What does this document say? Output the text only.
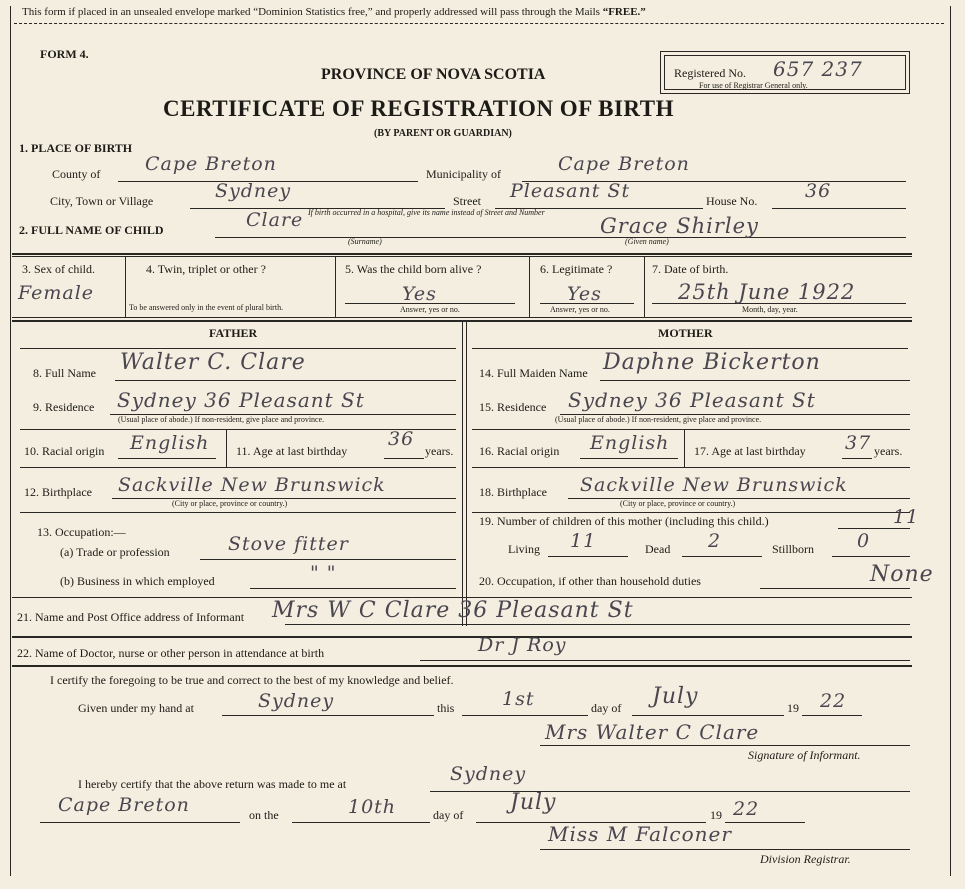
This form if placed in an unsealed envelope marked “Dominion Statistics free,” and properly addressed will pass through the Mails “FREE.”
FORM 4.
PROVINCE OF NOVA SCOTIA	Registered No. 657 237
For use of Registrar General only.
CERTIFICATE OF REGISTRATION OF BIRTH
(BY PARENT OR GUARDIAN)
1. PLACE OF BIRTH
County of Cape Breton	Municipality of	Cape Breton
City, Town or Village	Sydney	Street Pleasant St	House No.	36
If birth occurred in a hospital, give its name instead of Street and Number
2. FULL NAME OF CHILD	Clare
(Surname)
Grace Shirley
(Given name)
3. Sex of child.
Female
4. Twin, triplet or other ?
To be answered only in the event of plural birth.
5. Was the child born alive ?
Yes
Answer, yes or no.
6. Legitimate ?
Yes
Answer, yes or no.
7. Date of birth.
25th June 1922
Month, day, year.
FATHER	MOTHER
8. Full Name Walter C. Clare
9. Residence Sydney 36 Pleasant St
(Usual place of abode.) If non-resident, give place and province.
10. Racial origin English 11. Age at last birthday
36
years.
12. Birthplace Sackville New Brunswick
(City or place, province or country.)
13. Occupation:—
(a) Trade or profession	Stove fitter
(b) Business in which employed	" "
14. Full Maiden Name Daphne Bickerton
15. Residence Sydney 36 Pleasant St
(Usual place of abode.) If non-resident, give place and province.
16. Racial origin English 17. Age at last birthday 37 years.
18. Birthplace Sackville New Brunswick
(City or place, province or country.)
19. Number of children of this mother (including this child.)	11
Living 11	Dead 2	Stillborn 0
20. Occupation, if other than household duties	None
21. Name and Post Office address of Informant Mrs W C Clare 36 Pleasant St
22. Name of Doctor, nurse or other person in attendance at birth	Dr J Roy
I certify the foregoing to be true and correct to the best of my knowledge and belief.
Given under my hand at	Sydney	this	1st	day of July	19 22
Mrs Walter C Clare
Signature of Informant.
I hereby certify that the above return was made to me at	Sydney
Cape Breton	on the	10th	day of July	19 22
Miss M Falconer
Division Registrar.
